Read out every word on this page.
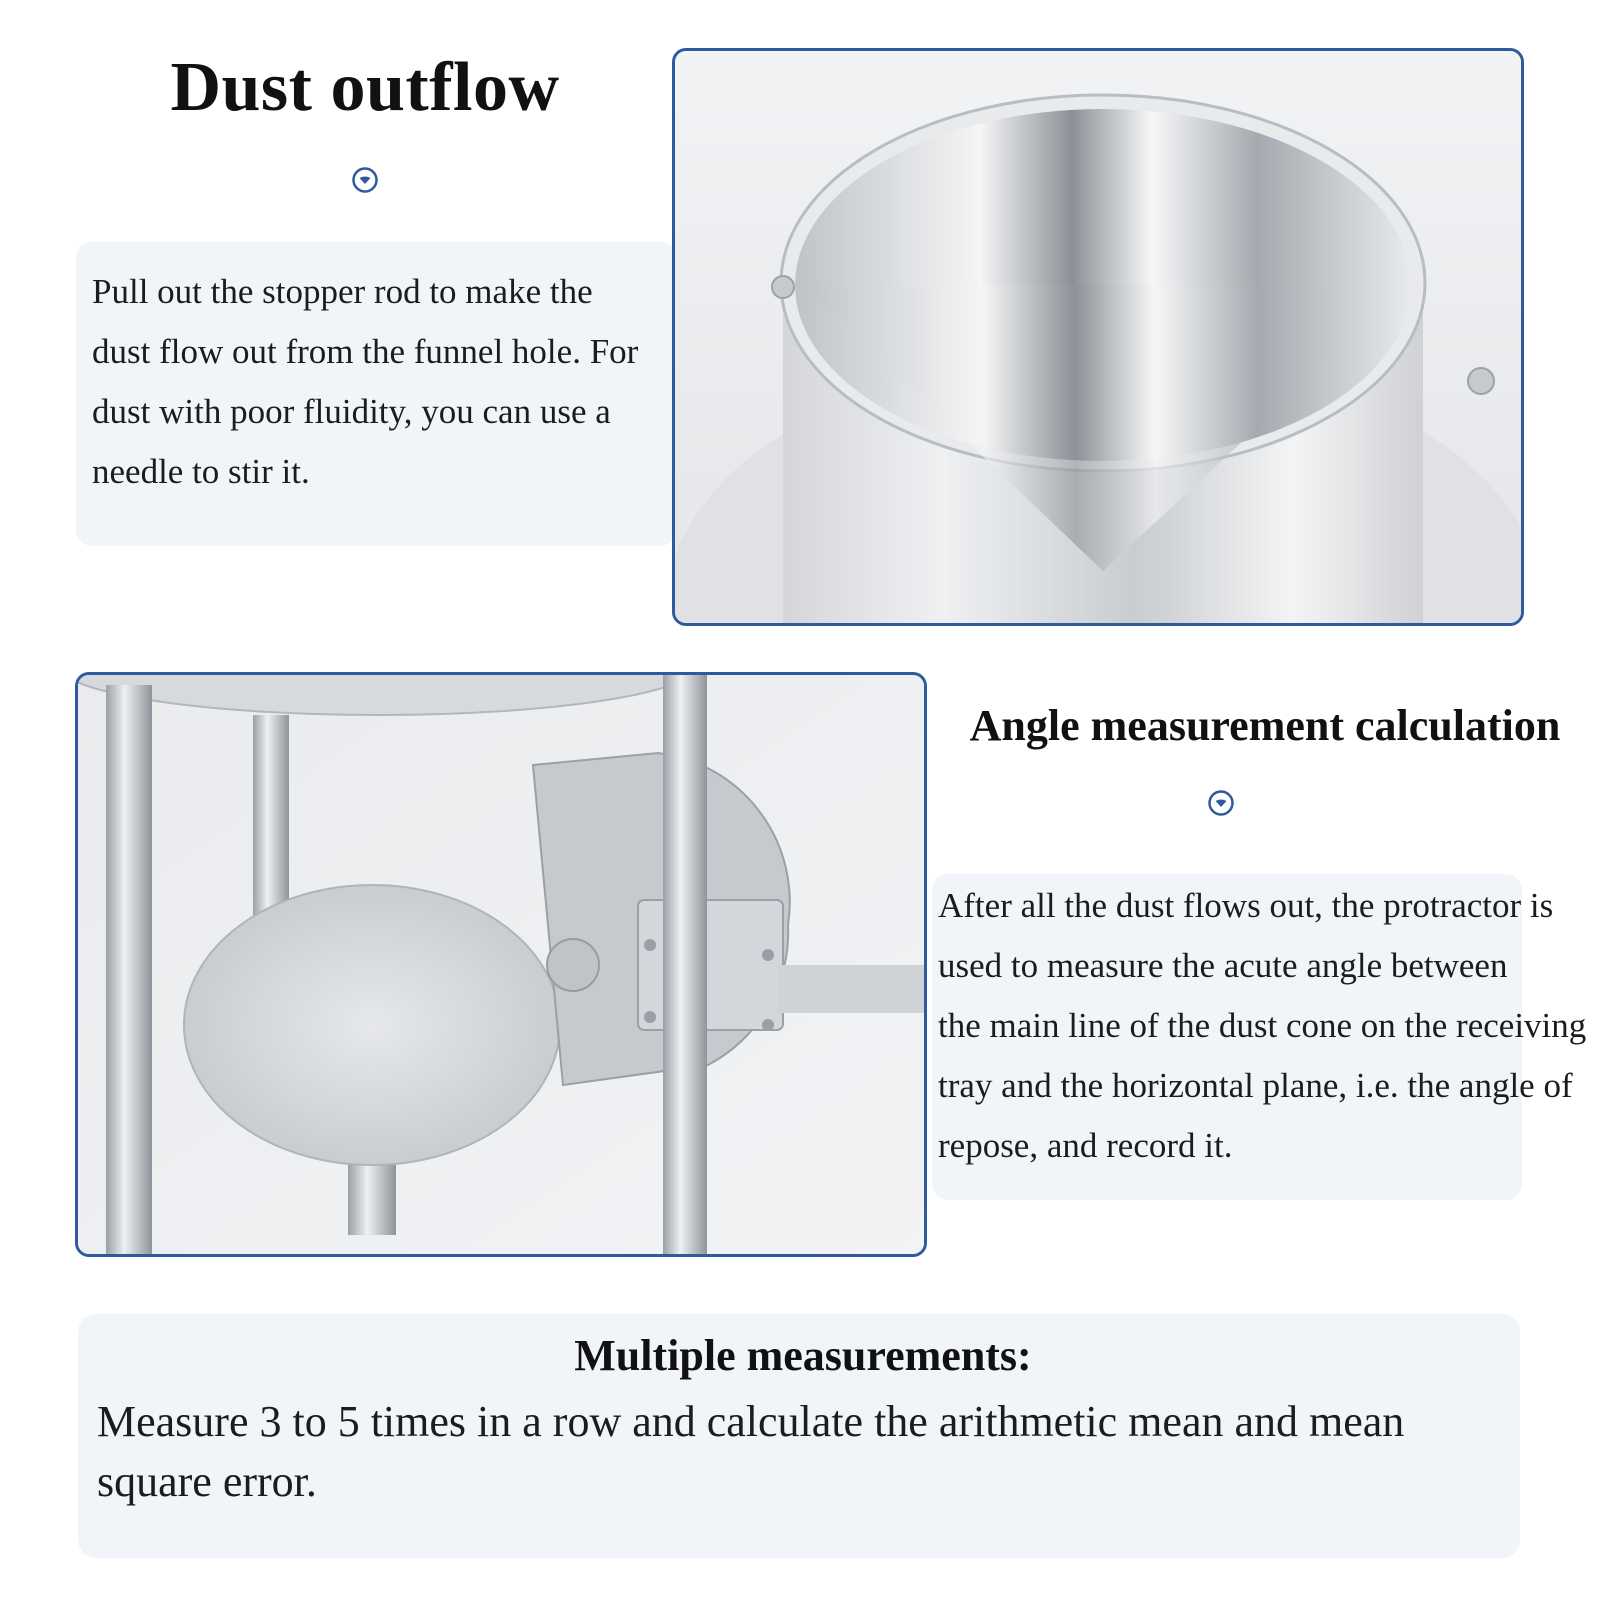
Dust outflow
Pull out the stopper rod to make the dust flow out from the funnel hole. For dust with poor fluidity, you can use a needle to stir it.
Angle measurement calculation
After all the dust flows out, the protractor is used to measure the acute angle between
the main line of the dust cone on the receiving tray and the horizontal plane, i.e. the angle of repose, and record it.
Multiple measurements:
Measure 3 to 5 times in a row and calculate the arithmetic mean and mean square error.
